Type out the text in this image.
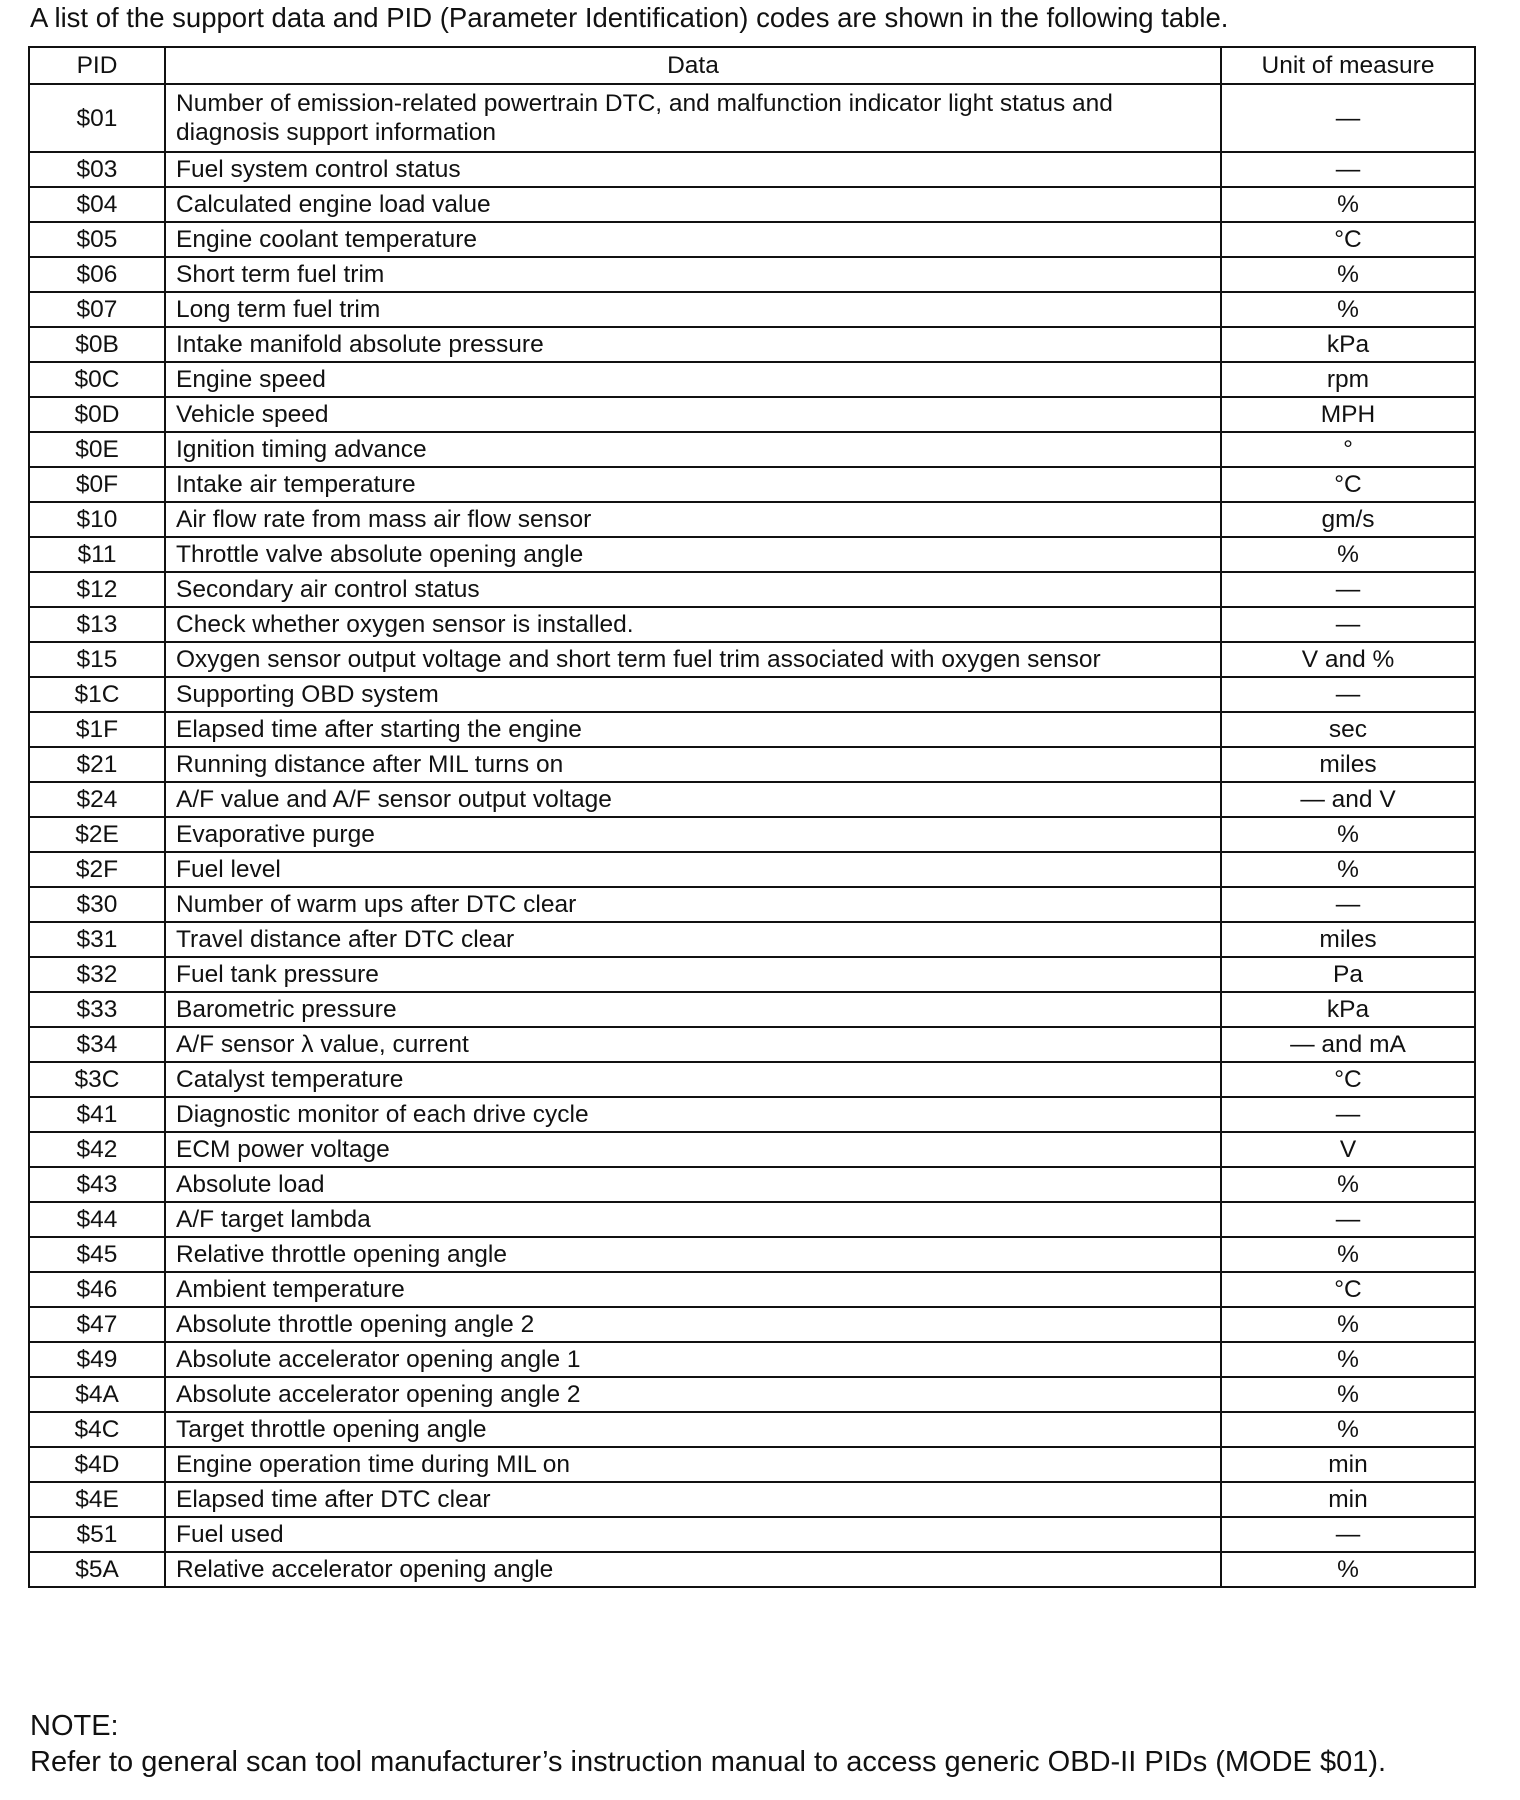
A list of the support data and PID (Parameter Identification) codes are shown in the following table.
PID	Data	Unit of measure
$01	Number of emission-related powertrain DTC, and malfunction indicator light status and diagnosis support information	—
$03	Fuel system control status	—
$04	Calculated engine load value	%
$05	Engine coolant temperature	°C
$06	Short term fuel trim	%
$07	Long term fuel trim	%
$0B	Intake manifold absolute pressure	kPa
$0C	Engine speed	rpm
$0D	Vehicle speed	MPH
$0E	Ignition timing advance	°
$0F	Intake air temperature	°C
$10	Air flow rate from mass air flow sensor	gm/s
$11	Throttle valve absolute opening angle	%
$12	Secondary air control status	—
$13	Check whether oxygen sensor is installed.	—
$15	Oxygen sensor output voltage and short term fuel trim associated with oxygen sensor	V and %
$1C	Supporting OBD system	—
$1F	Elapsed time after starting the engine	sec
$21	Running distance after MIL turns on	miles
$24	A/F value and A/F sensor output voltage	— and V
$2E	Evaporative purge	%
$2F	Fuel level	%
$30	Number of warm ups after DTC clear	—
$31	Travel distance after DTC clear	miles
$32	Fuel tank pressure	Pa
$33	Barometric pressure	kPa
$34	A/F sensor λ value, current	— and mA
$3C	Catalyst temperature	°C
$41	Diagnostic monitor of each drive cycle	—
$42	ECM power voltage	V
$43	Absolute load	%
$44	A/F target lambda	—
$45	Relative throttle opening angle	%
$46	Ambient temperature	°C
$47	Absolute throttle opening angle 2	%
$49	Absolute accelerator opening angle 1	%
$4A	Absolute accelerator opening angle 2	%
$4C	Target throttle opening angle	%
$4D	Engine operation time during MIL on	min
$4E	Elapsed time after DTC clear	min
$51	Fuel used	—
$5A	Relative accelerator opening angle	%
NOTE:
Refer to general scan tool manufacturer’s instruction manual to access generic OBD-II PIDs (MODE $01).
